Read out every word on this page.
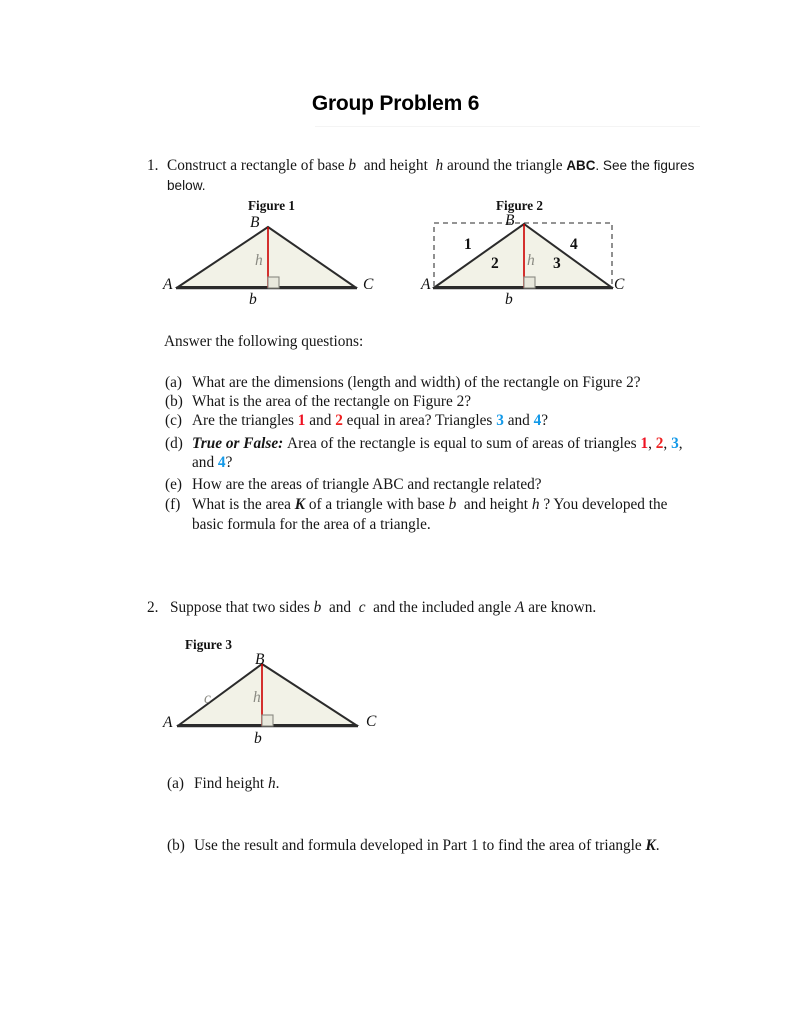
Group Problem 6
1. Construct a rectangle of base b and height h around the triangle ABC. See the figures
below.
Figure 1
A
B
C
h
b
Figure 2
A
B
C
h
b
1
2	3
4
Answer the following questions:
(a) What are the dimensions (length and width) of the rectangle on Figure 2?
(b) What is the area of the rectangle on Figure 2?
(c) Are the triangles 1 and 2 equal in area? Triangles 3 and 4?
(d) True or False: Area of the rectangle is equal to sum of areas of triangles 1, 2, 3,
and 4?
(e) How are the areas of triangle ABC and rectangle related?
(f) What is the area K of a triangle with base b and height h ? You developed the
basic formula for the area of a triangle.
2. Suppose that two sides b and c and the included angle A are known.
Figure 3
A
B
C
c	h
b
(a) Find height h.
(b) Use the result and formula developed in Part 1 to find the area of triangle K.
